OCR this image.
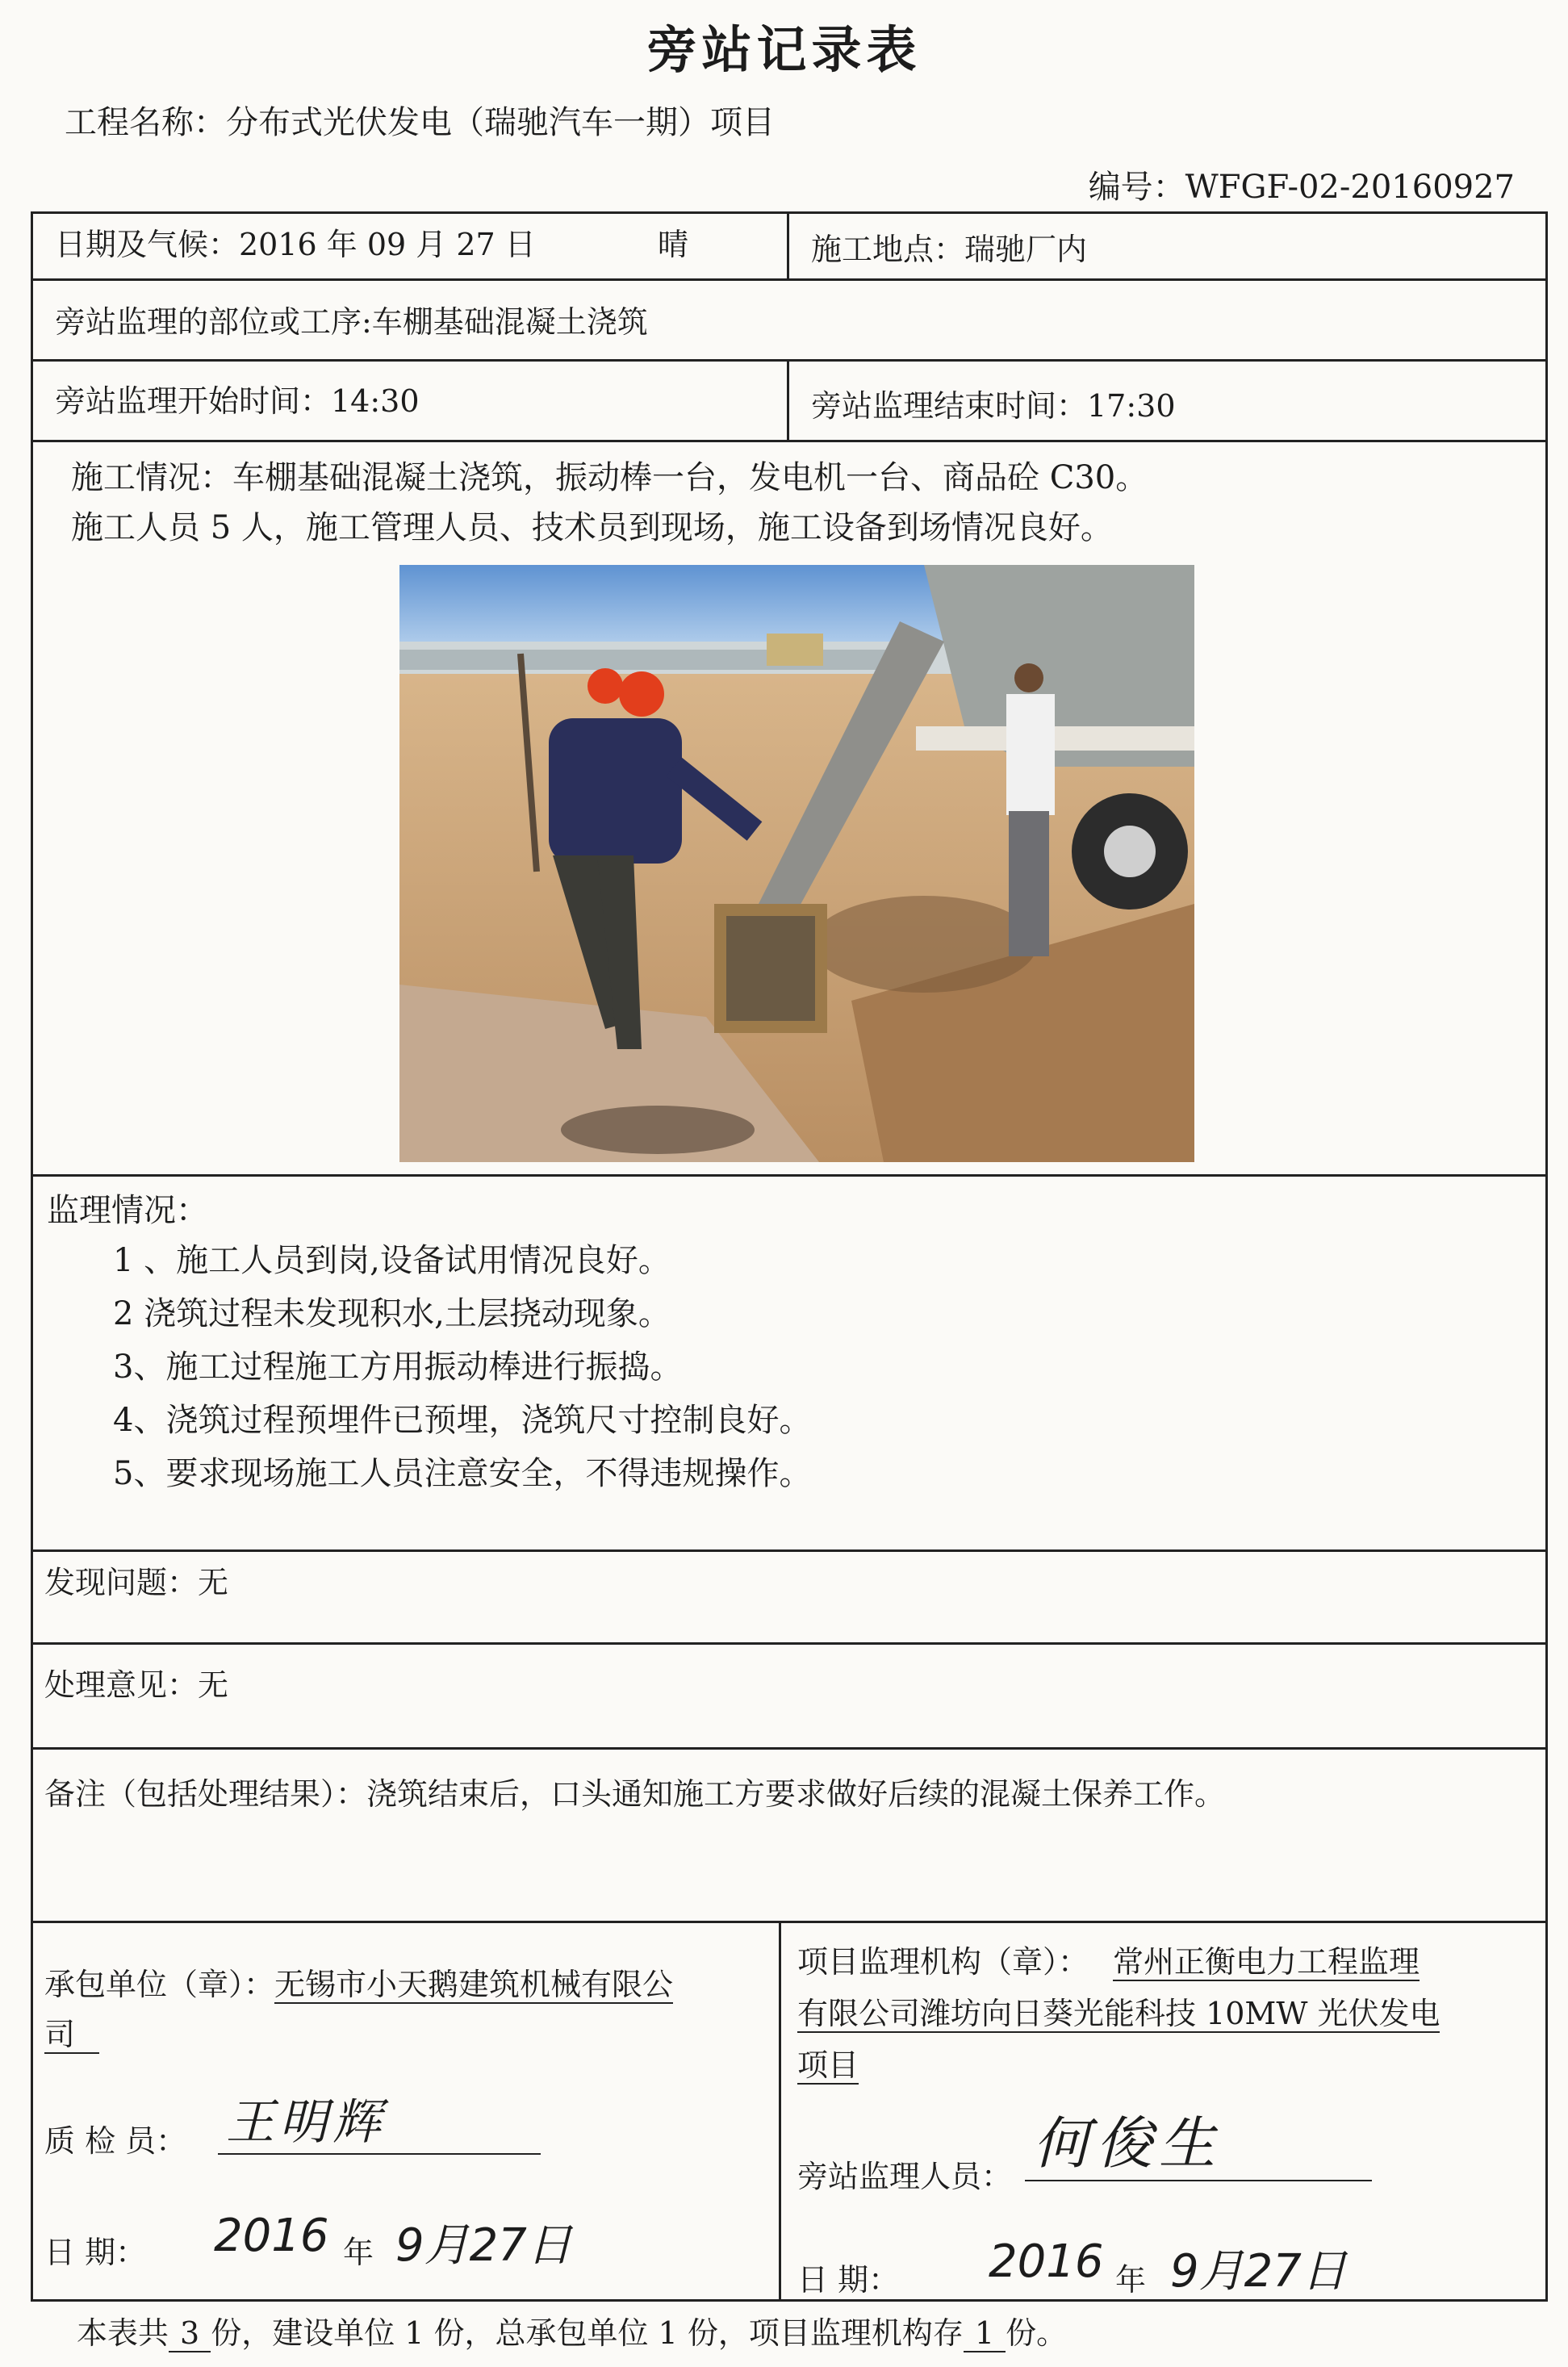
旁站记录表
工程名称：分布式光伏发电（瑞驰汽车一期）项目
编号：WFGF-02-20160927
日期及气候：2016 年 09 月 27 日	晴	施工地点：瑞驰厂内
旁站监理的部位或工序:车棚基础混凝土浇筑
旁站监理开始时间：14:30	旁站监理结束时间：17:30
施工情况：车棚基础混凝土浇筑，振动棒一台，发电机一台、商品砼 C30。
施工人员 5 人，施工管理人员、技术员到现场，施工设备到场情况良好。
监理情况：
1 、施工人员到岗,设备试用情况良好。
2 浇筑过程未发现积水,土层挠动现象。
3、施工过程施工方用振动棒进行振捣。
4、浇筑过程预埋件已预埋，浇筑尺寸控制良好。
5、要求现场施工人员注意安全，不得违规操作。
发现问题：无
处理意见：无
备注（包括处理结果）：浇筑结束后，口头通知施工方要求做好后续的混凝土保养工作。
承包单位（章）：无锡市小天鹅建筑机械有限公
司
质 检 员： 王明辉
日 期： 2016 年 9月27日
项目监理机构（章）： 常州正衡电力工程监理
有限公司潍坊向日葵光能科技 10MW 光伏发电
项目
旁站监理人员： 何俊生
日 期： 2016 年 9月27日
本表共 3 份，建设单位 1 份，总承包单位 1 份，项目监理机构存 1 份。
